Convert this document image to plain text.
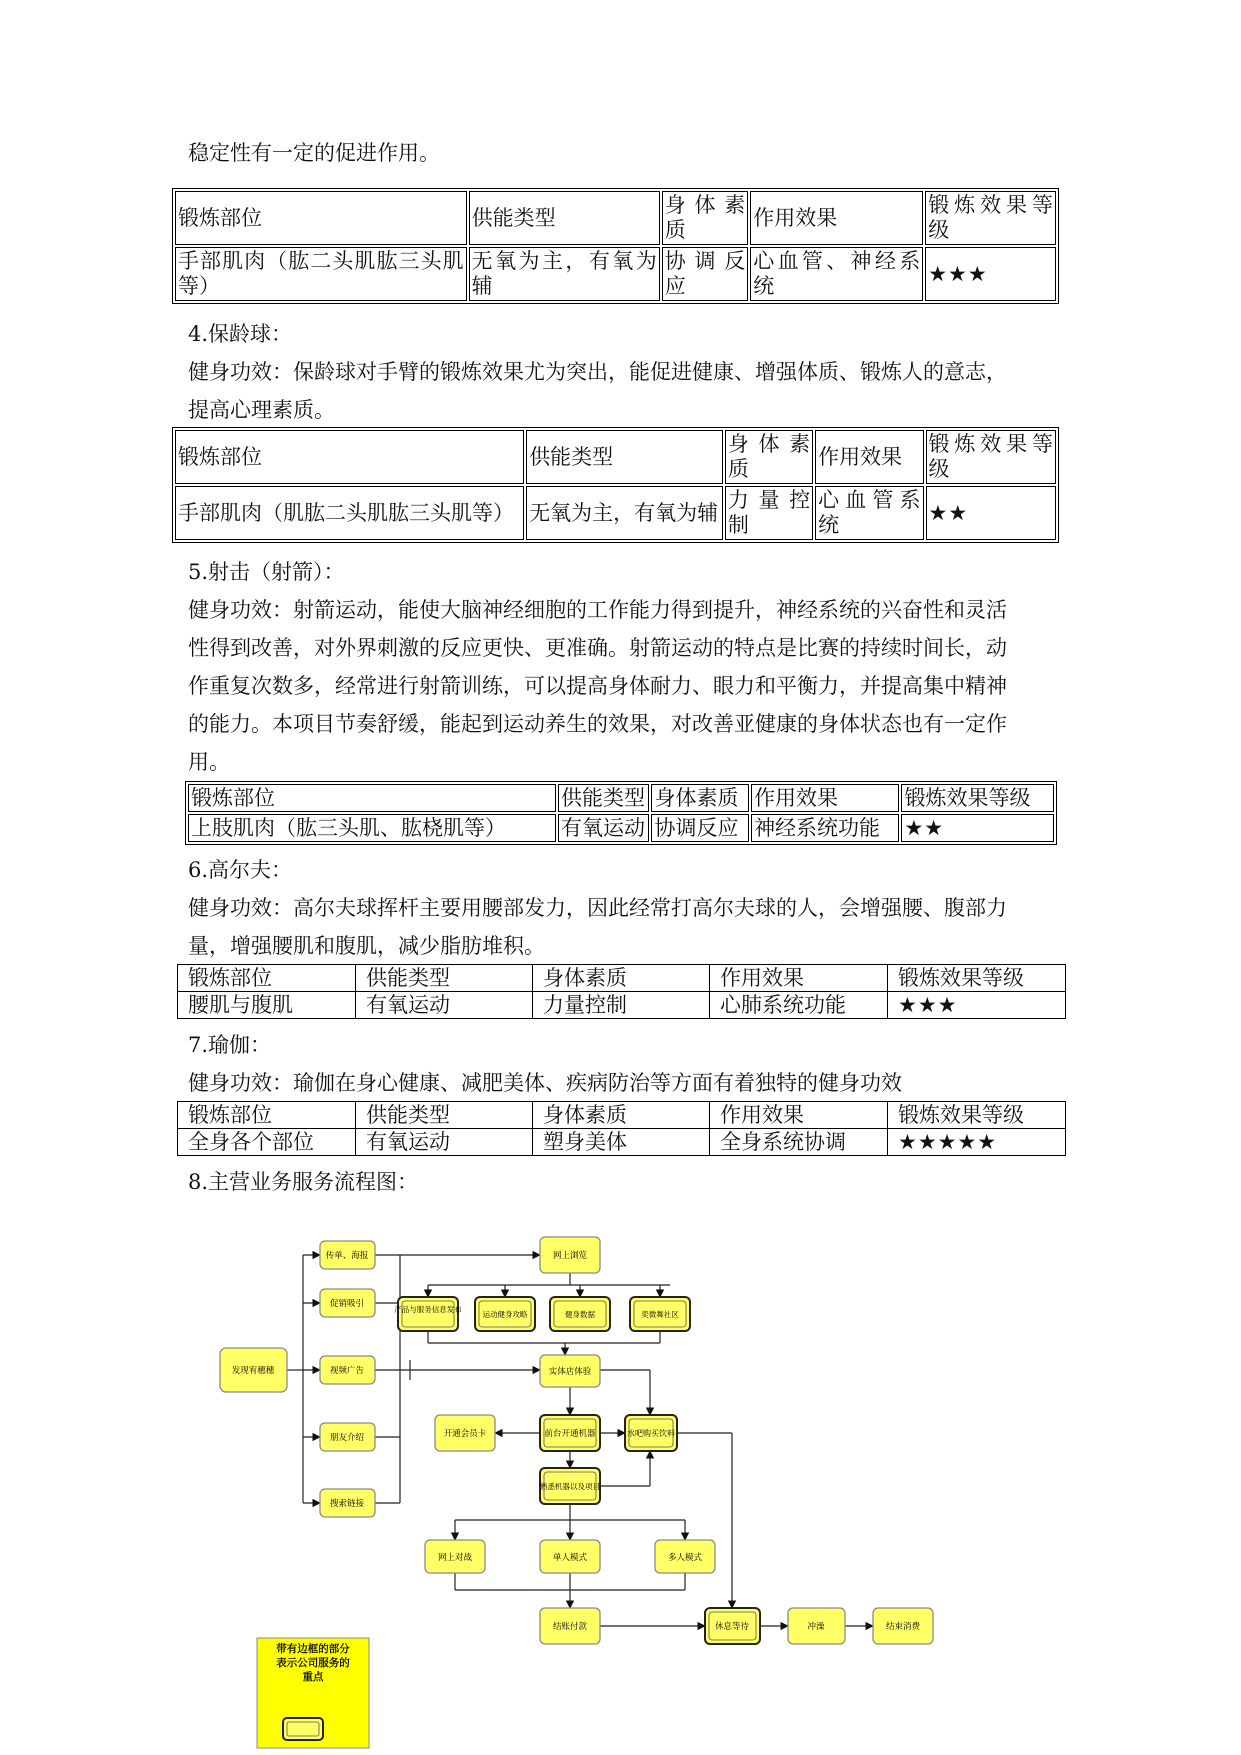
稳定性有一定的促进作用。
锻炼部位	供能类型	身体素质	作用效果	锻炼效果等级
手部肌肉（肱二头肌肱三头肌等）	无氧为主，有氧为辅	协调反应	心血管、神经系统	★★★
4.保龄球：
健身功效：保龄球对手臂的锻炼效果尤为突出，能促进健康、增强体质、锻炼人的意志，
提高心理素质。
锻炼部位	供能类型	身体素质	作用效果	锻炼效果等级
手部肌肉（肌肱二头肌肱三头肌等）	无氧为主，有氧为辅	力量控制	心血管系统	★★
5.射击（射箭）：
健身功效：射箭运动，能使大脑神经细胞的工作能力得到提升，神经系统的兴奋性和灵活
性得到改善，对外界刺激的反应更快、更准确。射箭运动的特点是比赛的持续时间长，动
作重复次数多，经常进行射箭训练，可以提高身体耐力、眼力和平衡力，并提高集中精神
的能力。本项目节奏舒缓，能起到运动养生的效果，对改善亚健康的身体状态也有一定作
用。
锻炼部位	供能类型	身体素质	作用效果	锻炼效果等级
上肢肌肉（肱三头肌、肱桡肌等）	有氧运动	协调反应	神经系统功能	★★
6.高尔夫：
健身功效：高尔夫球挥杆主要用腰部发力，因此经常打高尔夫球的人，会增强腰、腹部力
量，增强腰肌和腹肌，减少脂肪堆积。
锻炼部位	供能类型	身体素质	作用效果	锻炼效果等级
腰肌与腹肌	有氧运动	力量控制	心肺系统功能	★★★
7.瑜伽：
健身功效：瑜伽在身心健康、减肥美体、疾病防治等方面有着独特的健身功效
锻炼部位	供能类型	身体素质	作用效果	锻炼效果等级
全身各个部位	有氧运动	塑身美体	全身系统协调	★★★★★
8.主营业务服务流程图：
发现宥穗穗
传单、海报
促销吸引
视频广告
朋友介绍
搜索链接
网上浏览
产品与服务信息发布
运动健身攻略	健身数据	奕微舞社区
实体店体验
开通会员卡	前台开通机器	水吧购买饮料
熟悉机器以及项目
网上对战	单人模式	多人模式
结账付款	休息等待	冲澡	结束消费
带有边框的部分表示公司服务的重点
